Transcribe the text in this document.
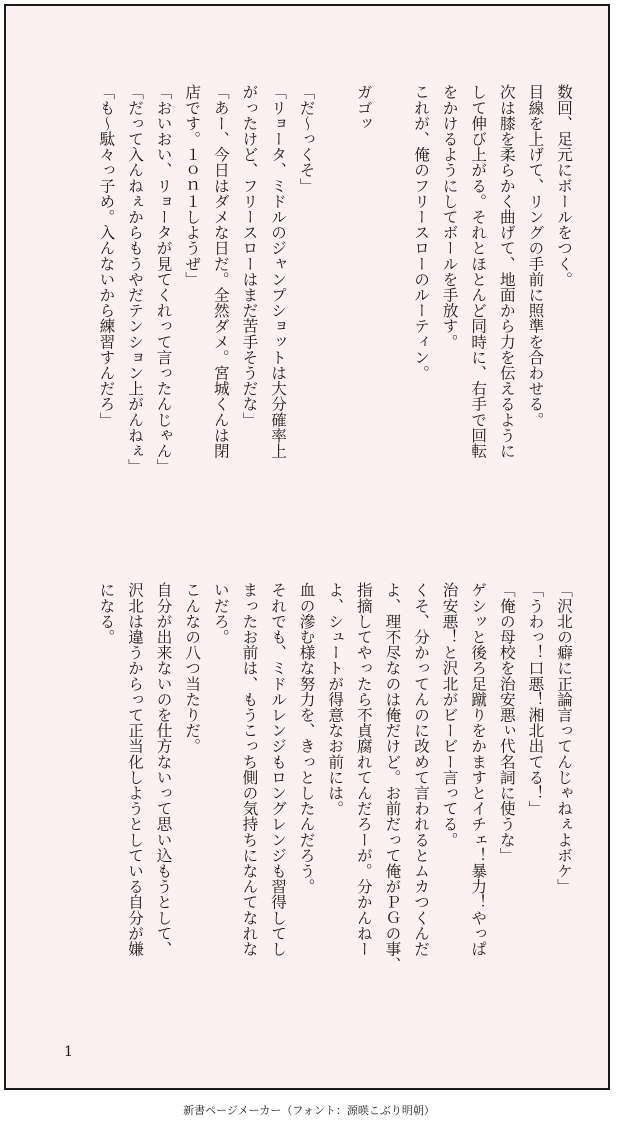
数回、足元にボールをつく。
目線を上げて、リングの手前に照準を合わせる。
次は膝を柔らかく曲げて、地面から力を伝えるように
して伸び上がる。それとほとんど同時に、右手で回転
をかけるようにしてボールを手放す。
これが、俺のフリースローのルーティン。
ガゴッ
「だ〜っくそ」
「リョータ、ミドルのジャンプショットは大分確率上
がったけど、フリースローはまだ苦手そうだな」
「あー、今日はダメな日だ。全然ダメ。宮城くんは閉
店です。１ｏｎ１しようぜ」
「おいおい、リョータが見てくれって言ったんじゃん」
「だって入んねぇからもうやだテンション上がんねぇ」
「も〜駄々っ子め。入んないから練習すんだろ」
「沢北の癖に正論言ってんじゃねぇよボケ」
「うわっ！口悪！湘北出てる！」
「俺の母校を治安悪ぃ代名詞に使うな」
ゲシッと後ろ足蹴りをかますとイチェ！暴力！やっぱ
治安悪！と沢北がビービー言ってる。
くそ、分かってんのに改めて言われるとムカつくんだ
よ、理不尽なのは俺だけど。お前だって俺がＰＧの事、
指摘してやったら不貞腐れてんだろーが。分かんねー
よ、シュートが得意なお前には。
血の滲む様な努力を、きっとしたんだろう。
それでも、ミドルレンジもロングレンジも習得してし
まったお前は、もうこっち側の気持ちになんてなれな
いだろ。
こんなの八つ当たりだ。
自分が出来ないのを仕方ないって思い込もうとして、
沢北は違うからって正当化しようとしている自分が嫌
になる。
1
新書ページメーカー（フォント：源暎こぶり明朝）
